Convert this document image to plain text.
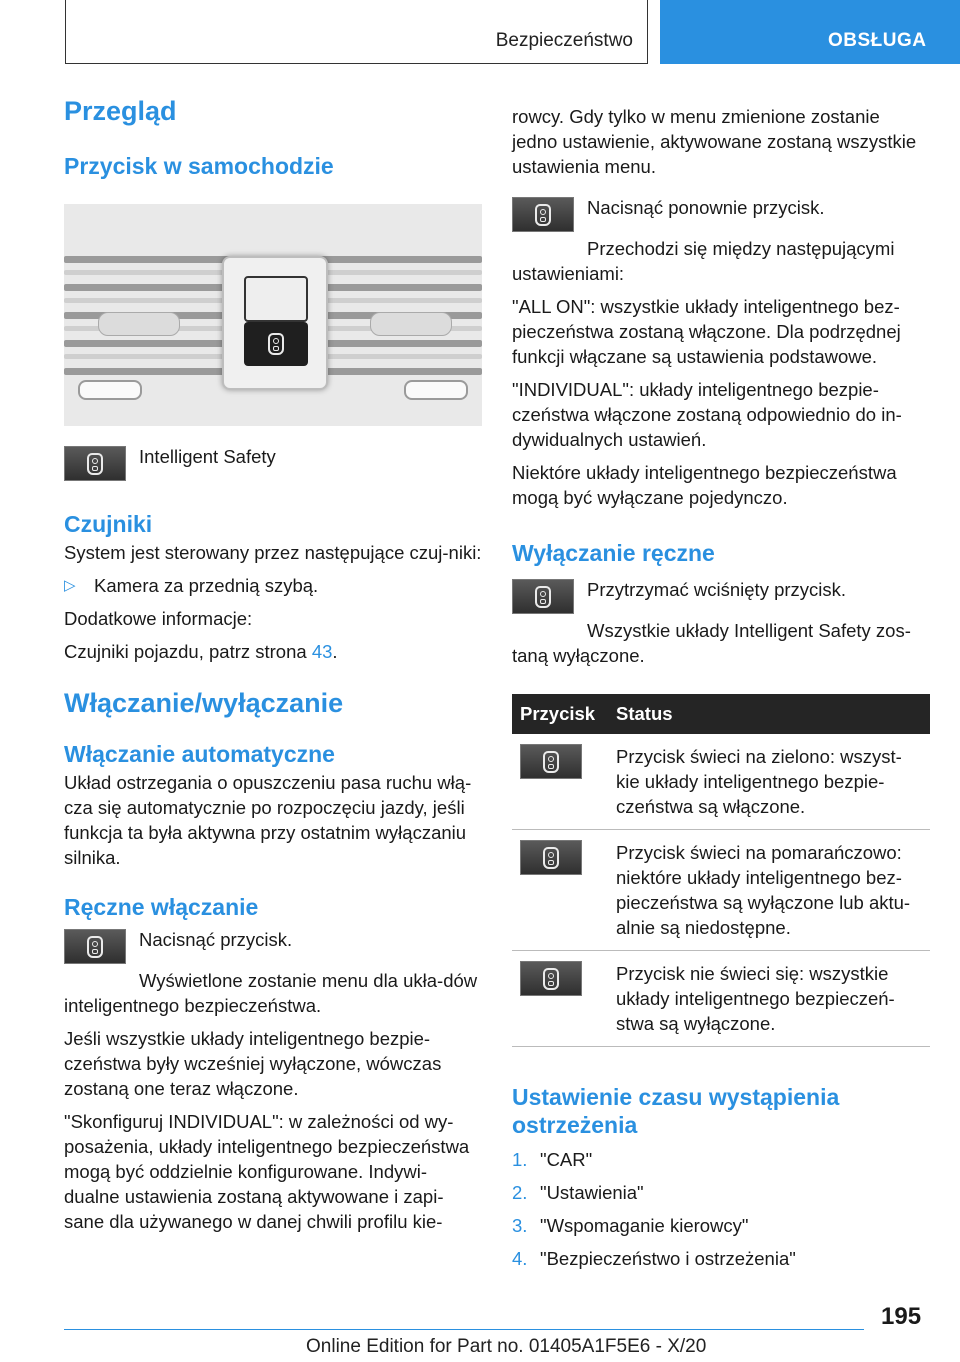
Bezpieczeństwo	OBSŁUGA
Przegląd
Przycisk w samochodzie

Intelligent Safety

Czujniki

System jest sterowany przez następujące czuj-niki:

▷ Kamera za przednią szybą.

Dodatkowe informacje:

Czujniki pojazdu, patrz strona 43.

Włączanie/wyłączanie
Włączanie automatyczne

Układ ostrzegania o opuszczeniu pasa ruchu włą-cza się automatycznie po rozpoczęciu jazdy, jeśli funkcja ta była aktywna przy ostatnim wyłączaniu silnika.

Ręczne włączanie

Nacisnąć przycisk.

Wyświetlone zostanie menu dla ukła-dów inteligentnego bezpieczeństwa.

Jeśli wszystkie układy inteligentnego bezpie-czeństwa były wcześniej wyłączone, wówczas zostaną one teraz włączone.

"Skonfiguruj INDIVIDUAL": w zależności od wy-posażenia, układy inteligentnego bezpieczeństwa mogą być oddzielnie konfigurowane. Indywi-dualne ustawienia zostaną aktywowane i zapi-sane dla używanego w danej chwili profilu kie-

rowcy. Gdy tylko w menu zmienione zostanie jedno ustawienie, aktywowane zostaną wszystkie ustawienia menu.

Nacisnąć ponownie przycisk.

Przechodzi się między następującymi ustawieniami:

"ALL ON": wszystkie układy inteligentnego bez-pieczeństwa zostaną włączone. Dla podrzędnej funkcji włączane są ustawienia podstawowe.

"INDIVIDUAL": układy inteligentnego bezpie-czeństwa włączone zostaną odpowiednio do in-dywidualnych ustawień.

Niektóre układy inteligentnego bezpieczeństwa mogą być wyłączane pojedynczo.

Wyłączanie ręczne

Przytrzymać wciśnięty przycisk.

Wszystkie układy Intelligent Safety zos-taną wyłączone.

Przycisk	Status

	Przycisk świeci na zielono: wszyst-kie układy inteligentnego bezpie-czeństwa są włączone.

	Przycisk świeci na pomarańczowo: niektóre układy inteligentnego bez-pieczeństwa są wyłączone lub aktu-alnie są niedostępne.

	Przycisk nie świeci się: wszystkie układy inteligentnego bezpieczeń-stwa są wyłączone.
Ustawienie czasu wystąpienia ostrzeżenia
1. "CAR"
2. "Ustawienia"
3. "Wspomaganie kierowcy"
4. "Bezpieczeństwo i ostrzeżenia"
195
Online Edition for Part no. 01405A1F5E6 - X/20
